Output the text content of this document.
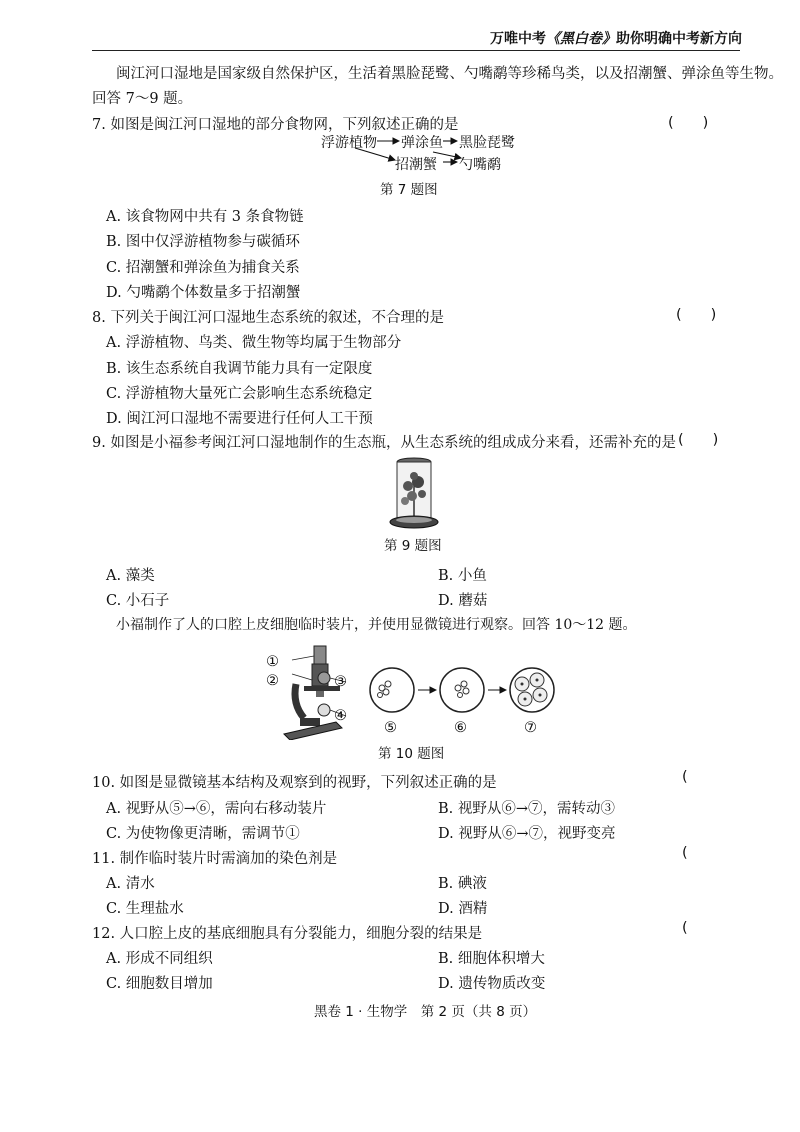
万唯中考《黑白卷》助你明确中考新方向
闽江河口湿地是国家级自然保护区，生活着黑脸琵鹭、勺嘴鹬等珍稀鸟类，以及招潮蟹、弹涂鱼等生物。
回答 7～9 题。
7. 如图是闽江河口湿地的部分食物网，下列叙述正确的是	(　　)
浮游植物 弹涂鱼 黑脸琵鹭
招潮蟹 勺嘴鹬
第 7 题图
A. 该食物网中共有 3 条食物链
B. 图中仅浮游植物参与碳循环
C. 招潮蟹和弹涂鱼为捕食关系
D. 勺嘴鹬个体数量多于招潮蟹
8. 下列关于闽江河口湿地生态系统的叙述，不合理的是	(　　)
A. 浮游植物、鸟类、微生物等均属于生物部分
B. 该生态系统自我调节能力具有一定限度
C. 浮游植物大量死亡会影响生态系统稳定
D. 闽江河口湿地不需要进行任何人工干预
9. 如图是小福参考闽江河口湿地制作的生态瓶，从生态系统的组成成分来看，还需补充的是 (　　)
第 9 题图
A. 藻类	B. 小鱼
C. 小石子	D. 蘑菇
小福制作了人的口腔上皮细胞临时装片，并使用显微镜进行观察。回答 10～12 题。
①
②	③
④
⑤	⑥	⑦
第 10 题图
10. 如图是显微镜基本结构及观察到的视野，下列叙述正确的是	(
A. 视野从⑤→⑥，需向右移动装片	B. 视野从⑥→⑦，需转动③
C. 为使物像更清晰，需调节①	D. 视野从⑥→⑦，视野变亮
11. 制作临时装片时需滴加的染色剂是	(
A. 清水	B. 碘液
C. 生理盐水	D. 酒精
12. 人口腔上皮的基底细胞具有分裂能力，细胞分裂的结果是	(
A. 形成不同组织	B. 细胞体积增大
C. 细胞数目增加	D. 遗传物质改变
黑卷 1 · 生物学　第 2 页（共 8 页）
